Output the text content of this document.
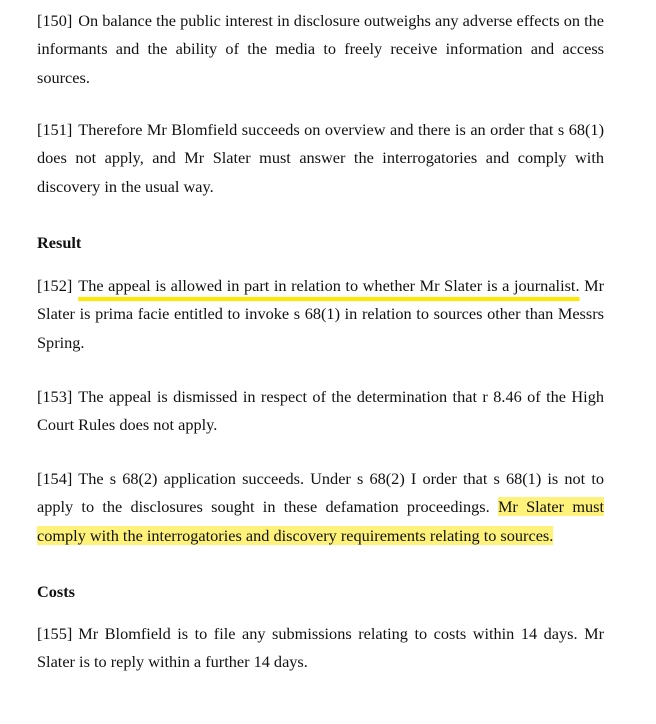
[150] On balance the public interest in disclosure outweighs any adverse effects on the informants and the ability of the media to freely receive information and access sources.

[151] Therefore Mr Blomfield succeeds on overview and there is an order that s 68(1) does not apply, and Mr Slater must answer the interrogatories and comply with discovery in the usual way.

Result

[152] The appeal is allowed in part in relation to whether Mr Slater is a journalist. Mr Slater is prima facie entitled to invoke s 68(1) in relation to sources other than Messrs Spring.

[153] The appeal is dismissed in respect of the determination that r 8.46 of the High Court Rules does not apply.

[154] The s 68(2) application succeeds. Under s 68(2) I order that s 68(1) is not to apply to the disclosures sought in these defamation proceedings. Mr Slater must comply with the interrogatories and discovery requirements relating to sources.

Costs

[155] Mr Blomfield is to file any submissions relating to costs within 14 days. Mr Slater is to reply within a further 14 days.
